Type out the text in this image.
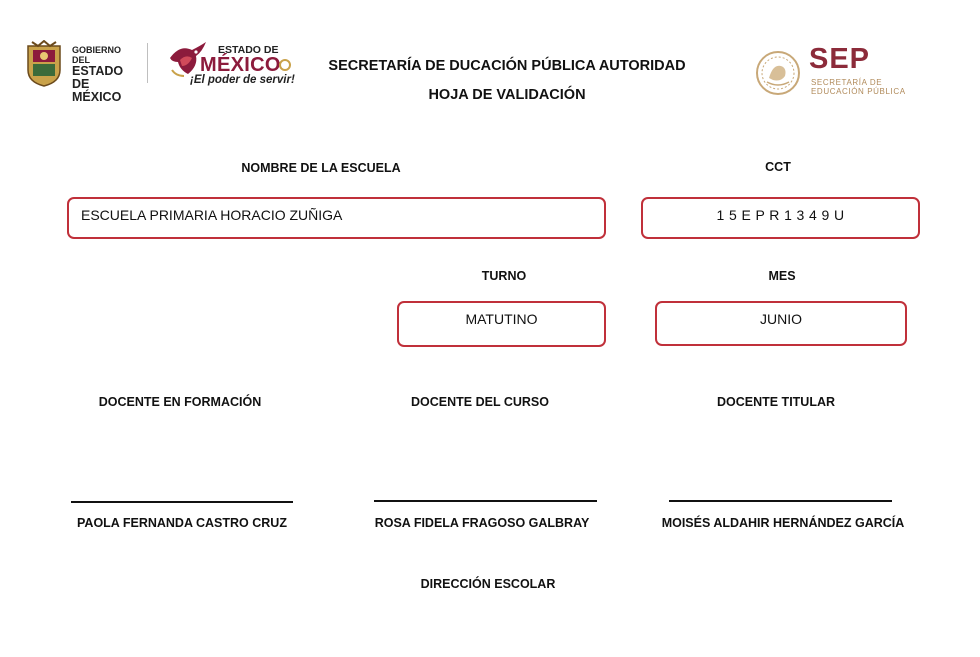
GOBIERNO DEL
ESTADO DE
MÉXICO
ESTADO DE
MÉXICO
¡El poder de servir!
SECRETARÍA DE DUCACIÓN PÚBLICA AUTORIDAD
HOJA DE VALIDACIÓN
SEP
SECRETARÍA DE
EDUCACIÓN PÚBLICA
NOMBRE DE LA ESCUELA	CCT
ESCUELA PRIMARIA HORACIO ZUÑIGA	1 5 E P R 1 3 4 9 U
TURNO	MES
MATUTINO	JUNIO
DOCENTE EN FORMACIÓN	DOCENTE DEL CURSO	DOCENTE TITULAR
PAOLA FERNANDA CASTRO CRUZ	ROSA FIDELA FRAGOSO GALBRAY	MOISÉS ALDAHIR HERNÁNDEZ GARCÍA
DIRECCIÓN ESCOLAR
